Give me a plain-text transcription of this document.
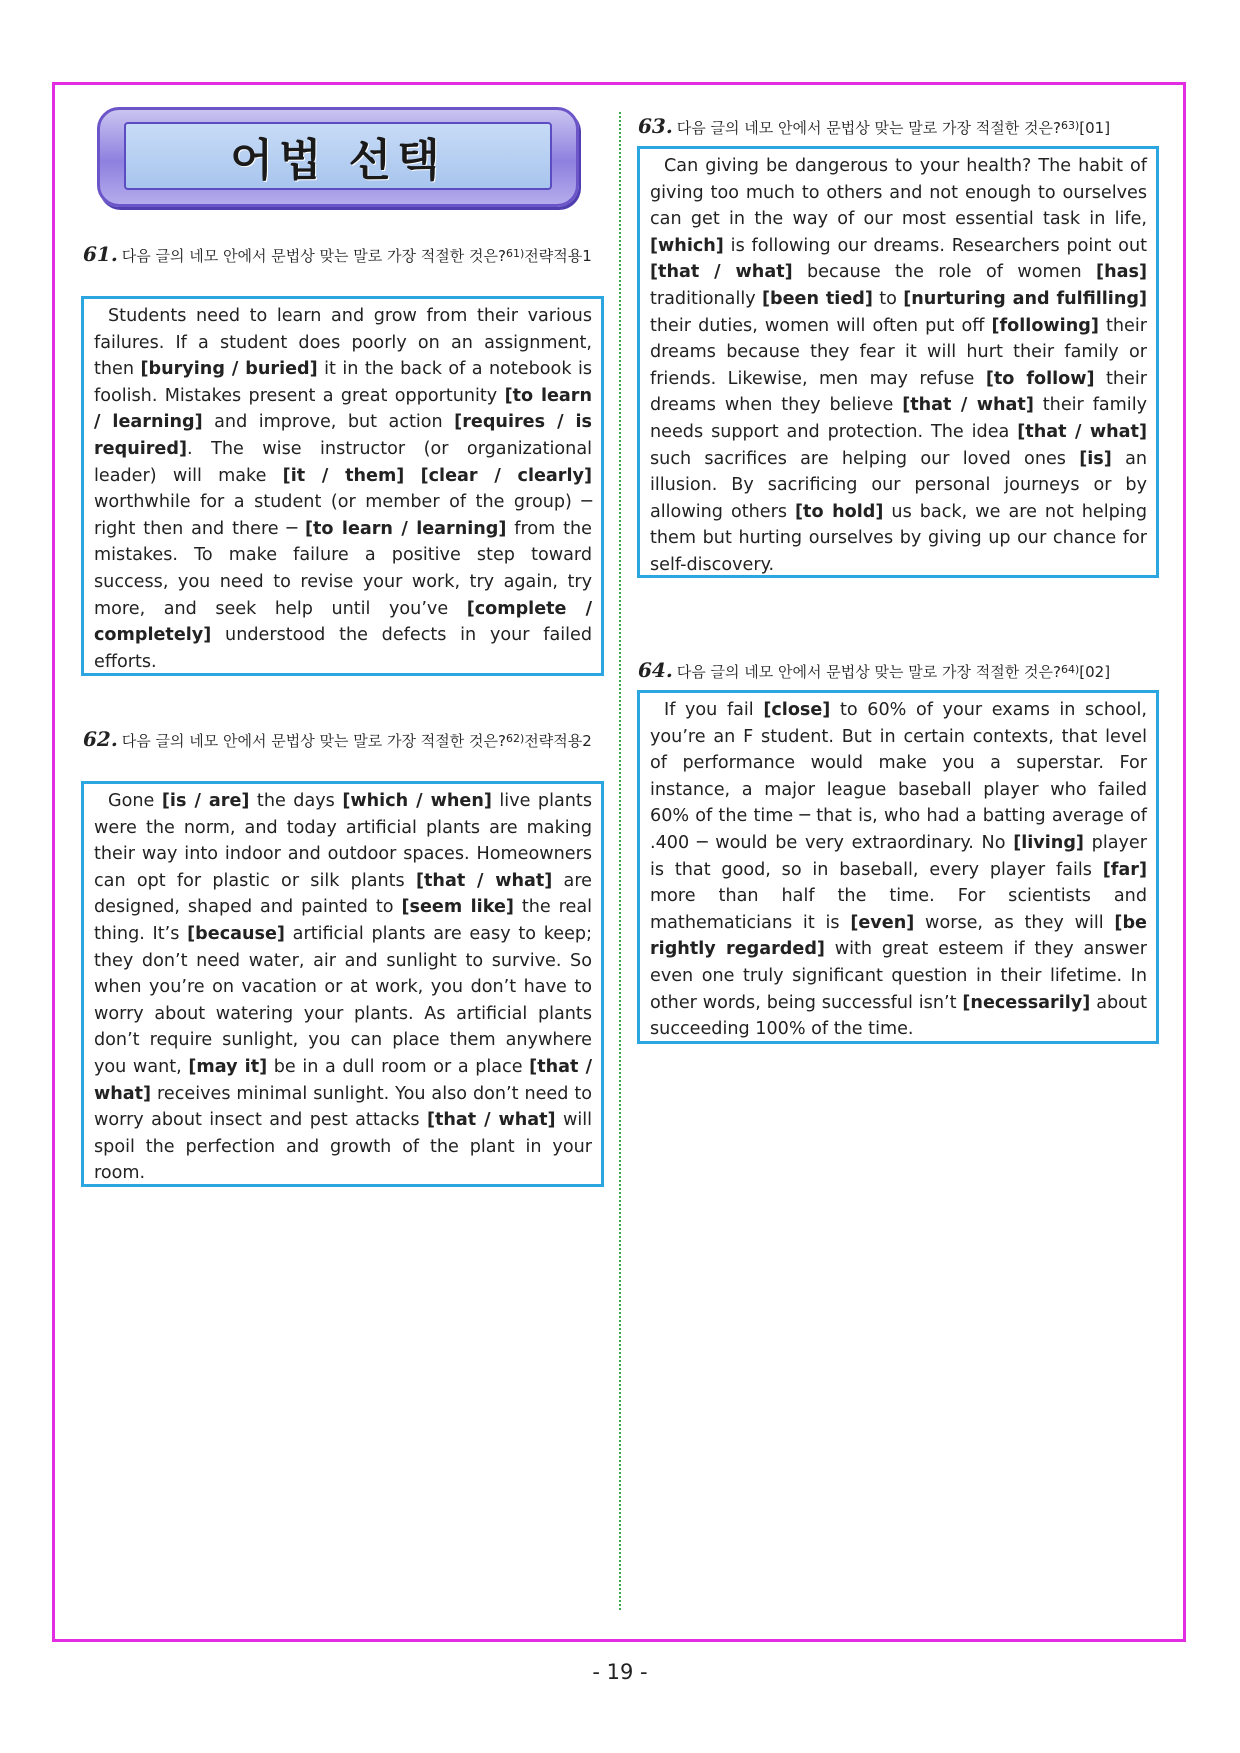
어법 선택
61. 다음 글의 네모 안에서 문법상 맞는 말로 가장 적절한 것은?$^{61)}$전략적용1

Students need to learn and grow from their various failures. If a student does poorly on an assignment, then [burying / buried] it in the back of a notebook is foolish. Mistakes present a great opportunity [to learn / learning] and improve, but action [requires / is required]. The wise instructor (or organizational leader) will make [it / them] [clear / clearly] worthwhile for a student (or member of the group) ─ right then and there ─ [to learn / learning] from the mistakes. To make failure a positive step toward success, you need to revise your work, try again, try more, and seek help until you’ve [complete / completely] understood the defects in your failed efforts.

62. 다음 글의 네모 안에서 문법상 맞는 말로 가장 적절한 것은?$^{62)}$전략적용2

Gone [is / are] the days [which / when] live plants were the norm, and today artificial plants are making their way into indoor and outdoor spaces. Homeowners can opt for plastic or silk plants [that / what] are designed, shaped and painted to [seem like] the real thing. It’s [because] artificial plants are easy to keep; they don’t need water, air and sunlight to survive. So when you’re on vacation or at work, you don’t have to worry about watering your plants. As artificial plants don’t require sunlight, you can place them anywhere you want, [may it] be in a dull room or a place [that / what] receives minimal sunlight. You also don’t need to worry about insect and pest attacks [that / what] will spoil the perfection and growth of the plant in your room.

63. 다음 글의 네모 안에서 문법상 맞는 말로 가장 적절한 것은?$^{63)}$[01]

Can giving be dangerous to your health? The habit of giving too much to others and not enough to ourselves can get in the way of our most essential task in life, [which] is following our dreams. Researchers point out [that / what] because the role of women [has] traditionally [been tied] to [nurturing and fulfilling] their duties, women will often put off [following] their dreams because they fear it will hurt their family or friends. Likewise, men may refuse [to follow] their dreams when they believe [that / what] their family needs support and protection. The idea [that / what] such sacrifices are helping our loved ones [is] an illusion. By sacrificing our personal journeys or by allowing others [to hold] us back, we are not helping them but hurting ourselves by giving up our chance for self-discovery.

64. 다음 글의 네모 안에서 문법상 맞는 말로 가장 적절한 것은?$^{64)}$[02]

If you fail [close] to 60% of your exams in school, you’re an F student. But in certain contexts, that level of performance would make you a superstar. For instance, a major league baseball player who failed 60% of the time ─ that is, who had a batting average of .400 ─ would be very extraordinary. No [living] player is that good, so in baseball, every player fails [far] more than half the time. For scientists and mathematicians it is [even] worse, as they will [be rightly regarded] with great esteem if they answer even one truly significant question in their lifetime. In other words, being successful isn’t [necessarily] about succeeding 100% of the time.

- 19 -
